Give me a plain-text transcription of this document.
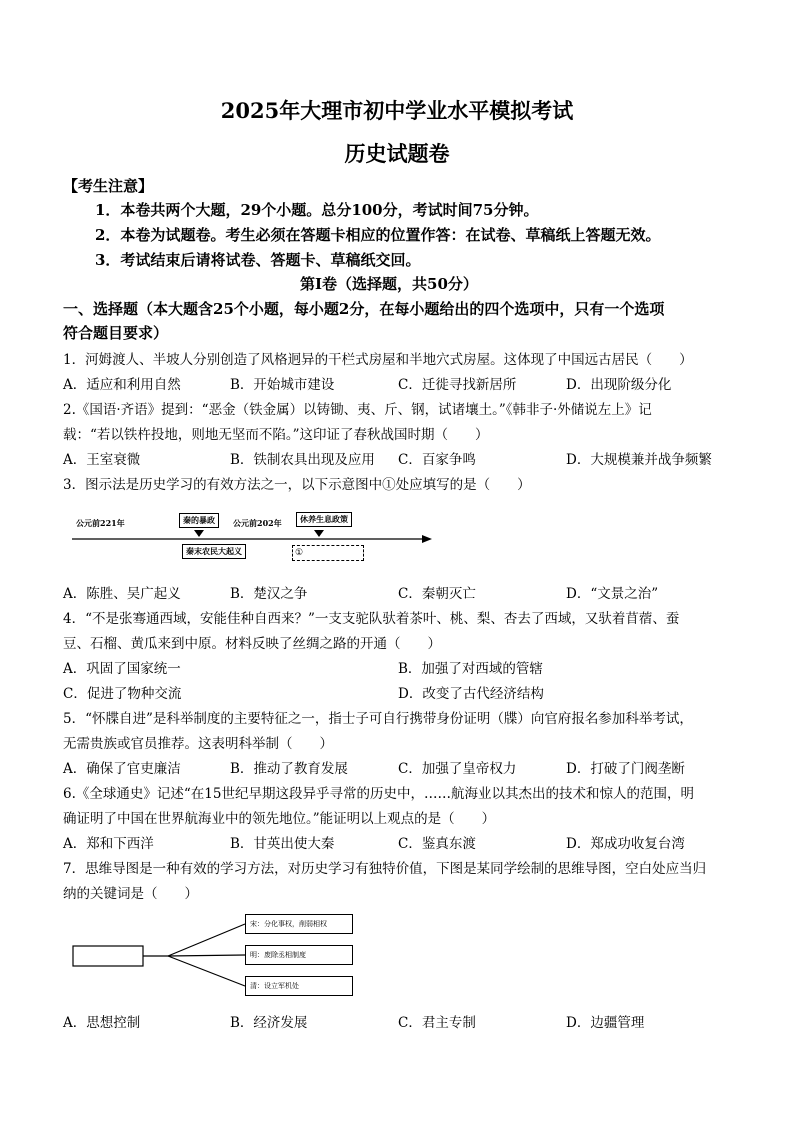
2025年大理市初中学业水平模拟考试
历史试题卷
【考生注意】
1．本卷共两个大题，29个小题。总分100分，考试时间75分钟。
2．本卷为试题卷。考生必须在答题卡相应的位置作答：在试卷、草稿纸上答题无效。
3．考试结束后请将试卷、答题卡、草稿纸交回。
第Ⅰ卷（选择题，共50分）
一、选择题（本大题含25个小题，每小题2分，在每小题给出的四个选项中，只有一个选项
符合题目要求）
1．河姆渡人、半坡人分别创造了风格迥异的干栏式房屋和半地穴式房屋。这体现了中国远古居民（　　）
A．适应和利用自然	B．开始城市建设	C．迁徙寻找新居所	D．出现阶级分化
2.《国语·齐语》提到：“恶金（铁金属）以铸锄、夷、斤、钢，试诸壤土。”《韩非子·外储说左上》记
载：“若以铁杵投地，则地无坚而不陷。”这印证了春秋战国时期（　　）
A．王室衰微	B．铁制农具出现及应用 C．百家争鸣	D．大规模兼并战争频繁
3．图示法是历史学习的有效方法之一，以下示意图中①处应填写的是（　　）
公元前221年	秦的暴政
秦末农民大起义
公元前202年	休养生息政策
①
A．陈胜、吴广起义	B．楚汉之争	C．秦朝灭亡	D．“文景之治”
4．“不是张骞通西域，安能佳种自西来？”一支支驼队驮着茶叶、桃、梨、杏去了西域，又驮着苜蓿、蚕
豆、石榴、黄瓜来到中原。材料反映了丝绸之路的开通（　　）
A．巩固了国家统一	B．加强了对西域的管辖
C．促进了物种交流	D．改变了古代经济结构
5．“怀牒自进”是科举制度的主要特征之一，指士子可自行携带身份证明（牒）向官府报名参加科举考试，
无需贵族或官员推荐。这表明科举制（　　）
A．确保了官吏廉洁	B．推动了教育发展	C．加强了皇帝权力	D．打破了门阀垄断
6.《全球通史》记述“在15世纪早期这段异乎寻常的历史中，……航海业以其杰出的技术和惊人的范围，明
确证明了中国在世界航海业中的领先地位。”能证明以上观点的是（　　）
A．郑和下西洋	B．甘英出使大秦	C．鉴真东渡	D．郑成功收复台湾
7．思维导图是一种有效的学习方法，对历史学习有独特价值，下图是某同学绘制的思维导图，空白处应当归
纳的关键词是（　　）
宋：分化事权，削弱相权
明：废除丞相制度
清：设立军机处
A．思想控制	B．经济发展	C．君主专制	D．边疆管理
